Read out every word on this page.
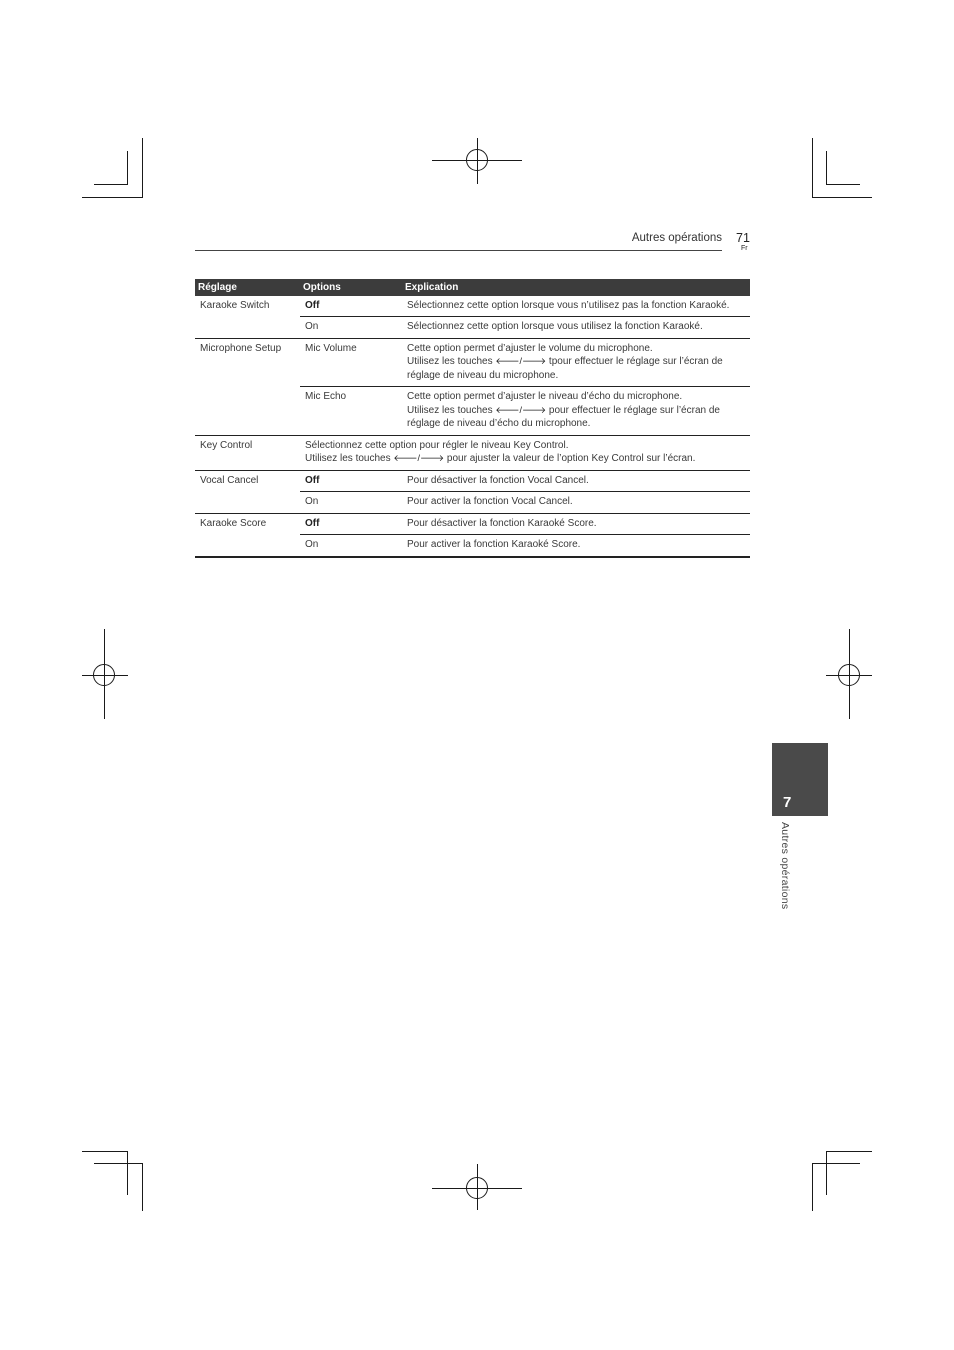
Autres opérations 71
Fr
Réglage	Options	Explication
Karaoke Switch	Off	Sélectionnez cette option lorsque vous n’utilisez pas la fonction Karaoké.
	On	Sélectionnez cette option lorsque vous utilisez la fonction Karaoké.
Microphone Setup	Mic Volume	Cette option permet d’ajuster le volume du microphone.
Utilisez les touches 🡐/🡒 tpour effectuer le réglage sur l’écran de réglage de niveau du microphone.
	Mic Echo	Cette option permet d’ajuster le niveau d’écho du microphone.
Utilisez les touches 🡐/🡒 pour effectuer le réglage sur l’écran de réglage de niveau d’écho du microphone.
Key Control	Sélectionnez cette option pour régler le niveau Key Control.
Utilisez les touches 🡐/🡒 pour ajuster la valeur de l’option Key Control sur l’écran.	
Vocal Cancel	Off	Pour désactiver la fonction Vocal Cancel.
	On	Pour activer la fonction Vocal Cancel.
Karaoke Score	Off	Pour désactiver la fonction Karaoké Score.
	On	Pour activer la fonction Karaoké Score.
7
Autres opérations
